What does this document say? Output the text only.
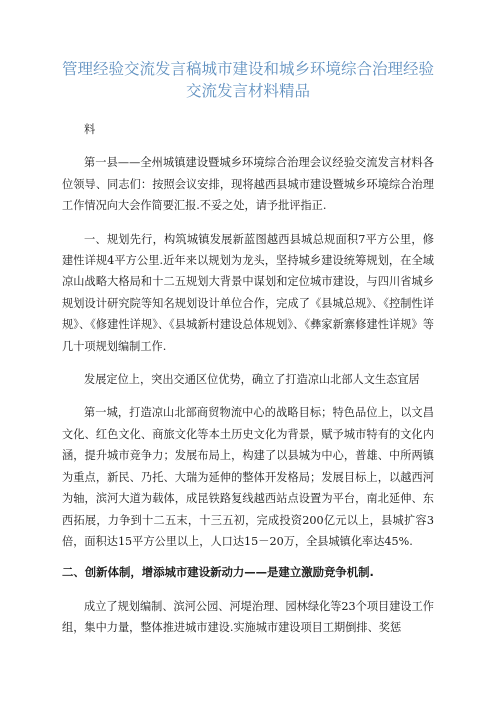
管理经验交流发言稿城市建设和城乡环境综合治理经验交流发言材料精品

料

第一县——全州城镇建设暨城乡环境综合治理会议经验交流发言材料各位领导、同志们：按照会议安排，现将越西县城市建设暨城乡环境综合治理工作情况向大会作简要汇报.不妥之处，请予批评指正.

一、规划先行，构筑城镇发展新蓝图越西县城总规面积7平方公里，修建性详规4平方公里.近年来以规划为龙头，坚持城乡建设统筹规划，在全域凉山战略大格局和十二五规划大背景中谋划和定位城市建设，与四川省城乡规划设计研究院等知名规划设计单位合作，完成了《县城总规》、《控制性详规》、《修建性详规》、《县城新村建设总体规划》、《彝家新寨修建性详规》等几十项规划编制工作.

发展定位上，突出交通区位优势，确立了打造凉山北部人文生态宜居

第一城，打造凉山北部商贸物流中心的战略目标；特色品位上，以文昌文化、红色文化、商旅文化等本土历史文化为背景，赋予城市特有的文化内涵，提升城市竞争力；发展布局上，构建了以县城为中心，普雄、中所两镇为重点，新民、乃托、大瑞为延伸的整体开发格局；发展目标上，以越西河为轴，滨河大道为载体，成昆铁路复线越西站点设置为平台，南北延伸、东西拓展，力争到十二五末，十三五初，完成投资200亿元以上，县城扩容3倍，面积达15平方公里以上，人口达15－20万，全县城镇化率达45%.

二、创新体制，增添城市建设新动力——是建立激励竞争机制.

成立了规划编制、滨河公园、河堤治理、园林绿化等23个项目建设工作组，集中力量，整体推进城市建设.实施城市建设项目工期倒排、奖惩
